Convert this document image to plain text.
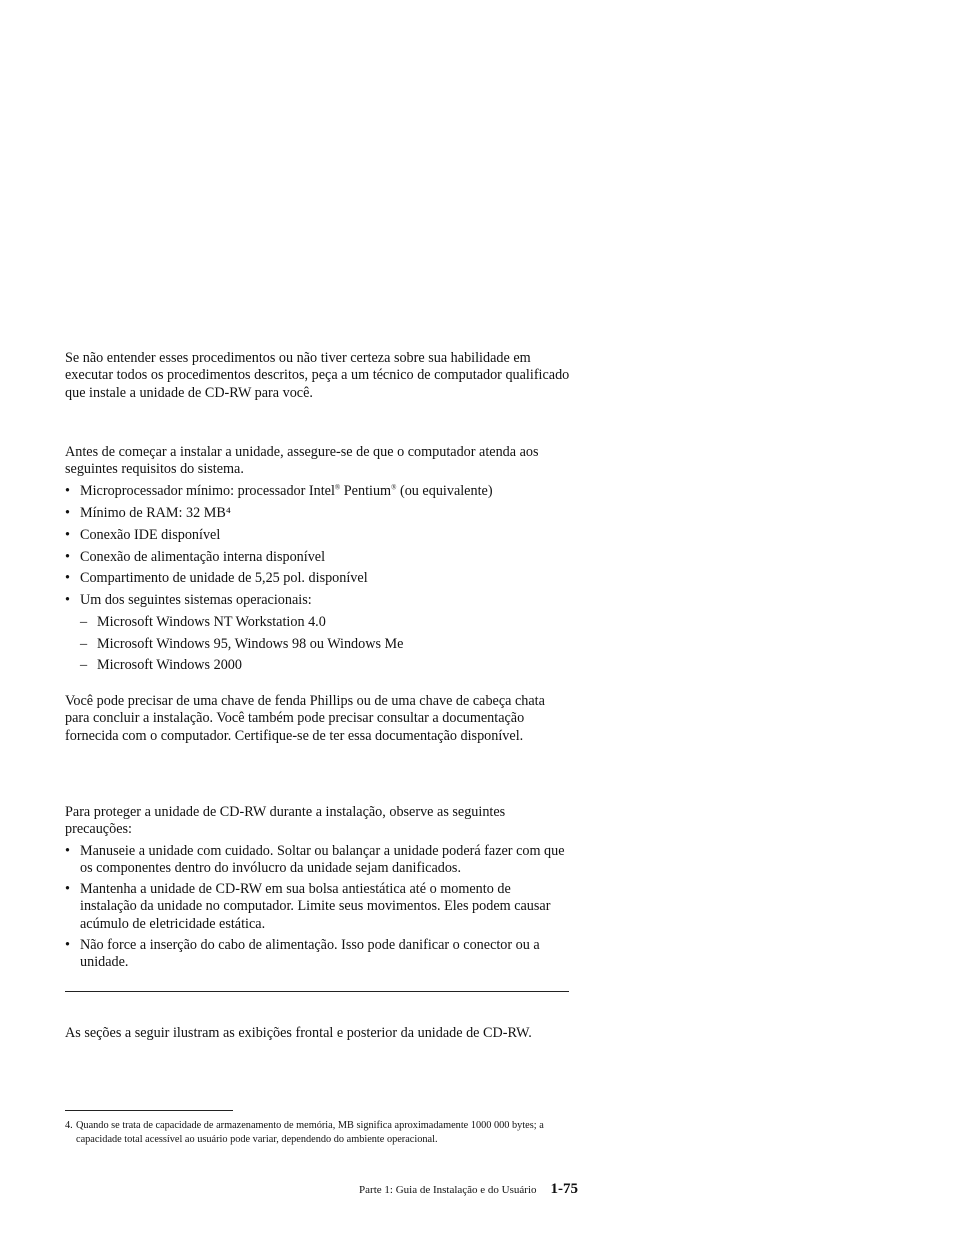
Se não entender esses procedimentos ou não tiver certeza sobre sua habilidade em executar todos os procedimentos descritos, peça a um técnico de computador qualificado que instale a unidade de CD-RW para você.

Antes de começar a instalar a unidade, assegure-se de que o computador atenda aos seguintes requisitos do sistema.

• Microprocessador mínimo: processador Intel® Pentium® (ou equivalente)
• Mínimo de RAM: 32 MB⁴
• Conexão IDE disponível
• Conexão de alimentação interna disponível
• Compartimento de unidade de 5,25 pol. disponível
• Um dos seguintes sistemas operacionais:
– Microsoft Windows NT Workstation 4.0
– Microsoft Windows 95, Windows 98 ou Windows Me
– Microsoft Windows 2000

Você pode precisar de uma chave de fenda Phillips ou de uma chave de cabeça chata para concluir a instalação. Você também pode precisar consultar a documentação fornecida com o computador. Certifique-se de ter essa documentação disponível.

Para proteger a unidade de CD-RW durante a instalação, observe as seguintes precauções:

• Manuseie a unidade com cuidado. Soltar ou balançar a unidade poderá fazer com que os componentes dentro do invólucro da unidade sejam danificados.
• Mantenha a unidade de CD-RW em sua bolsa antiestática até o momento de instalação da unidade no computador. Limite seus movimentos. Eles podem causar acúmulo de eletricidade estática.
• Não force a inserção do cabo de alimentação. Isso pode danificar o conector ou a unidade.

As seções a seguir ilustram as exibições frontal e posterior da unidade de CD-RW.

4. Quando se trata de capacidade de armazenamento de memória, MB significa aproximadamente 1000 000 bytes; a capacidade total acessível ao usuário pode variar, dependendo do ambiente operacional.
Parte 1: Guia de Instalação e do Usuário 1-75
